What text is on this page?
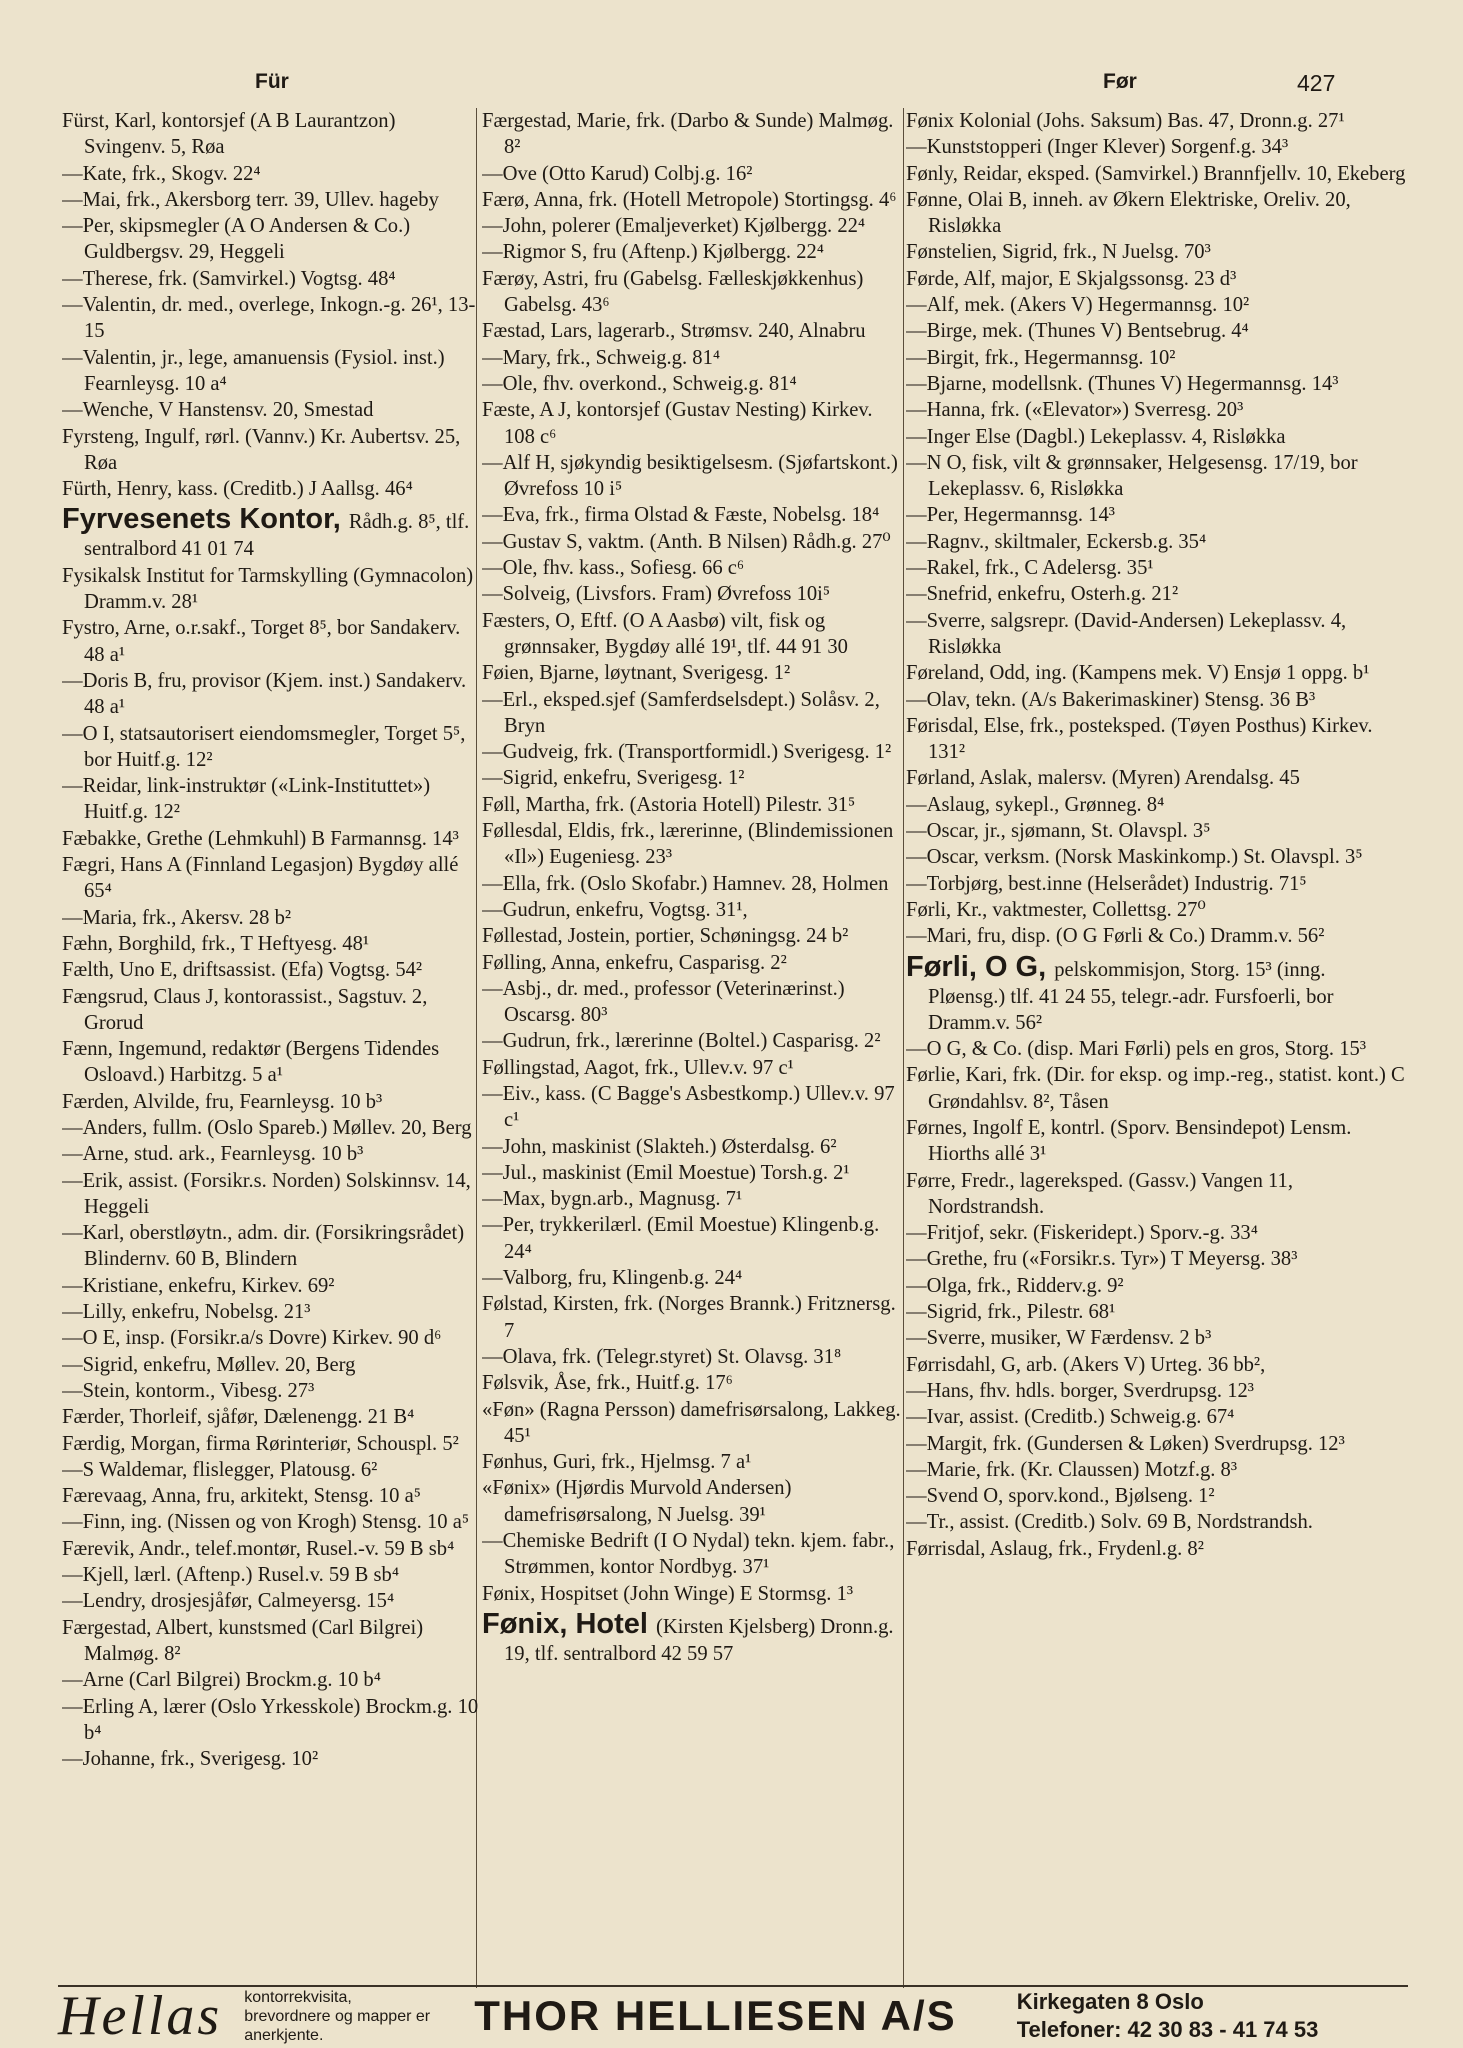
Für	Før	427

Fürst, Karl, kontorsjef (A B Laurantzon) Svingenv. 5, Røa

—Kate, frk., Skogv. 22⁴

—Mai, frk., Akersborg terr. 39, Ullev. hageby

—Per, skipsmegler (A O Andersen & Co.) Guldbergsv. 29, Heggeli

—Therese, frk. (Samvirkel.) Vogtsg. 48⁴

—Valentin, dr. med., overlege, Inkogn.-g. 26¹, 13-15

—Valentin, jr., lege, amanuensis (Fysiol. inst.) Fearnleysg. 10 a⁴

—Wenche, V Hanstensv. 20, Smestad

Fyrsteng, Ingulf, rørl. (Vannv.) Kr. Aubertsv. 25, Røa

Fürth, Henry, kass. (Creditb.) J Aallsg. 46⁴

Fyrvesenets Kontor, Rådh.g. 8⁵, tlf. sentralbord 41 01 74

Fysikalsk Institut for Tarmskylling (Gymnacolon) Dramm.v. 28¹

Fystro, Arne, o.r.sakf., Torget 8⁵, bor Sandakerv. 48 a¹

—Doris B, fru, provisor (Kjem. inst.) Sandakerv. 48 a¹

—O I, statsautorisert eiendomsmegler, Torget 5⁵, bor Huitf.g. 12²

—Reidar, link-instruktør («Link-Instituttet») Huitf.g. 12²

Fæbakke, Grethe (Lehmkuhl) B Farmannsg. 14³

Fægri, Hans A (Finnland Legasjon) Bygdøy allé 65⁴

—Maria, frk., Akersv. 28 b²

Fæhn, Borghild, frk., T Heftyesg. 48¹

Fælth, Uno E, driftsassist. (Efa) Vogtsg. 54²

Fængsrud, Claus J, kontorassist., Sagstuv. 2, Grorud

Fænn, Ingemund, redaktør (Bergens Tidendes Osloavd.) Harbitzg. 5 a¹

Færden, Alvilde, fru, Fearnleysg. 10 b³

—Anders, fullm. (Oslo Spareb.) Møllev. 20, Berg

—Arne, stud. ark., Fearnleysg. 10 b³

—Erik, assist. (Forsikr.s. Norden) Solskinnsv. 14, Heggeli

—Karl, oberstløytn., adm. dir. (Forsikringsrådet) Blindernv. 60 B, Blindern

—Kristiane, enkefru, Kirkev. 69²

—Lilly, enkefru, Nobelsg. 21³

—O E, insp. (Forsikr.a/s Dovre) Kirkev. 90 d⁶

—Sigrid, enkefru, Møllev. 20, Berg

—Stein, kontorm., Vibesg. 27³

Færder, Thorleif, sjåfør, Dælenengg. 21 B⁴

Færdig, Morgan, firma Rørinteriør, Schouspl. 5²

—S Waldemar, flislegger, Platousg. 6²

Færevaag, Anna, fru, arkitekt, Stensg. 10 a⁵

—Finn, ing. (Nissen og von Krogh) Stensg. 10 a⁵

Færevik, Andr., telef.montør, Rusel.-v. 59 B sb⁴

—Kjell, lærl. (Aftenp.) Rusel.v. 59 B sb⁴

—Lendry, drosjesjåfør, Calmeyersg. 15⁴

Færgestad, Albert, kunstsmed (Carl Bilgrei) Malmøg. 8²

—Arne (Carl Bilgrei) Brockm.g. 10 b⁴

—Erling A, lærer (Oslo Yrkesskole) Brockm.g. 10 b⁴

—Johanne, frk., Sverigesg. 10²

Færgestad, Marie, frk. (Darbo & Sunde) Malmøg. 8²

—Ove (Otto Karud) Colbj.g. 16²

Færø, Anna, frk. (Hotell Metropole) Stortingsg. 4⁶

—John, polerer (Emaljeverket) Kjølbergg. 22⁴

—Rigmor S, fru (Aftenp.) Kjølbergg. 22⁴

Færøy, Astri, fru (Gabelsg. Fælleskjøkkenhus) Gabelsg. 43⁶

Fæstad, Lars, lagerarb., Strømsv. 240, Alnabru

—Mary, frk., Schweig.g. 81⁴

—Ole, fhv. overkond., Schweig.g. 81⁴

Fæste, A J, kontorsjef (Gustav Nesting) Kirkev. 108 c⁶

—Alf H, sjøkyndig besiktigelsesm. (Sjøfartskont.) Øvrefoss 10 i⁵

—Eva, frk., firma Olstad & Fæste, Nobelsg. 18⁴

—Gustav S, vaktm. (Anth. B Nilsen) Rådh.g. 27⁰

—Ole, fhv. kass., Sofiesg. 66 c⁶

—Solveig, (Livsfors. Fram) Øvrefoss 10i⁵

Fæsters, O, Eftf. (O A Aasbø) vilt, fisk og grønnsaker, Bygdøy allé 19¹, tlf. 44 91 30

Føien, Bjarne, løytnant, Sverigesg. 1²

—Erl., eksped.sjef (Samferdselsdept.) Solåsv. 2, Bryn

—Gudveig, frk. (Transportformidl.) Sverigesg. 1²

—Sigrid, enkefru, Sverigesg. 1²

Føll, Martha, frk. (Astoria Hotell) Pilestr. 31⁵

Føllesdal, Eldis, frk., lærerinne, (Blindemissionen «Il») Eugeniesg. 23³

—Ella, frk. (Oslo Skofabr.) Hamnev. 28, Holmen

—Gudrun, enkefru, Vogtsg. 31¹,

Føllestad, Jostein, portier, Schøningsg. 24 b²

Følling, Anna, enkefru, Casparisg. 2²

—Asbj., dr. med., professor (Veterinærinst.) Oscarsg. 80³

—Gudrun, frk., lærerinne (Boltel.) Casparisg. 2²

Føllingstad, Aagot, frk., Ullev.v. 97 c¹

—Eiv., kass. (C Bagge's Asbestkomp.) Ullev.v. 97 c¹

—John, maskinist (Slakteh.) Østerdalsg. 6²

—Jul., maskinist (Emil Moestue) Torsh.g. 2¹

—Max, bygn.arb., Magnusg. 7¹

—Per, trykkerilærl. (Emil Moestue) Klingenb.g. 24⁴

—Valborg, fru, Klingenb.g. 24⁴

Følstad, Kirsten, frk. (Norges Brannk.) Fritznersg. 7

—Olava, frk. (Telegr.styret) St. Olavsg. 31⁸

Følsvik, Åse, frk., Huitf.g. 17⁶

«Føn» (Ragna Persson) damefrisørsalong, Lakkeg. 45¹

Fønhus, Guri, frk., Hjelmsg. 7 a¹

«Fønix» (Hjørdis Murvold Andersen) damefrisørsalong, N Juelsg. 39¹

—Chemiske Bedrift (I O Nydal) tekn. kjem. fabr., Strømmen, kontor Nordbyg. 37¹

Fønix, Hospitset (John Winge) E Stormsg. 1³

Fønix, Hotel (Kirsten Kjelsberg) Dronn.g. 19, tlf. sentralbord 42 59 57

Fønix Kolonial (Johs. Saksum) Bas. 47, Dronn.g. 27¹

—Kunststopperi (Inger Klever) Sorgenf.g. 34³

Fønly, Reidar, eksped. (Samvirkel.) Brannfjellv. 10, Ekeberg

Fønne, Olai B, inneh. av Økern Elektriske, Oreliv. 20, Risløkka

Fønstelien, Sigrid, frk., N Juelsg. 70³

Førde, Alf, major, E Skjalgssonsg. 23 d³

—Alf, mek. (Akers V) Hegermannsg. 10²

—Birge, mek. (Thunes V) Bentsebrug. 4⁴

—Birgit, frk., Hegermannsg. 10²

—Bjarne, modellsnk. (Thunes V) Hegermannsg. 14³

—Hanna, frk. («Elevator») Sverresg. 20³

—Inger Else (Dagbl.) Lekeplassv. 4, Risløkka

—N O, fisk, vilt & grønnsaker, Helgesensg. 17/19, bor Lekeplassv. 6, Risløkka

—Per, Hegermannsg. 14³

—Ragnv., skiltmaler, Eckersb.g. 35⁴

—Rakel, frk., C Adelersg. 35¹

—Snefrid, enkefru, Osterh.g. 21²

—Sverre, salgsrepr. (David-Andersen) Lekeplassv. 4, Risløkka

Føreland, Odd, ing. (Kampens mek. V) Ensjø 1 oppg. b¹

—Olav, tekn. (A/s Bakerimaskiner) Stensg. 36 B³

Førisdal, Else, frk., posteksped. (Tøyen Posthus) Kirkev. 131²

Førland, Aslak, malersv. (Myren) Arendalsg. 45

—Aslaug, sykepl., Grønneg. 8⁴

—Oscar, jr., sjømann, St. Olavspl. 3⁵

—Oscar, verksm. (Norsk Maskinkomp.) St. Olavspl. 3⁵

—Torbjørg, best.inne (Helserådet) Industrig. 71⁵

Førli, Kr., vaktmester, Collettsg. 27⁰

—Mari, fru, disp. (O G Førli & Co.) Dramm.v. 56²

Førli, O G, pelskommisjon, Storg. 15³ (inng. Pløensg.) tlf. 41 24 55, telegr.-adr. Fursfoerli, bor Dramm.v. 56²

—O G, & Co. (disp. Mari Førli) pels en gros, Storg. 15³

Førlie, Kari, frk. (Dir. for eksp. og imp.-reg., statist. kont.) C Grøndahlsv. 8², Tåsen

Førnes, Ingolf E, kontrl. (Sporv. Bensindepot) Lensm. Hiorths allé 3¹

Førre, Fredr., lagereksped. (Gassv.) Vangen 11, Nordstrandsh.

—Fritjof, sekr. (Fiskeridept.) Sporv.-g. 33⁴

—Grethe, fru («Forsikr.s. Tyr») T Meyersg. 38³

—Olga, frk., Ridderv.g. 9²

—Sigrid, frk., Pilestr. 68¹

—Sverre, musiker, W Færdensv. 2 b³

Førrisdahl, G, arb. (Akers V) Urteg. 36 bb²,

—Hans, fhv. hdls. borger, Sverdrupsg. 12³

—Ivar, assist. (Creditb.) Schweig.g. 67⁴

—Margit, frk. (Gundersen & Løken) Sverdrupsg. 12³

—Marie, frk. (Kr. Claussen) Motzf.g. 8³

—Svend O, sporv.kond., Bjølseng. 1²

—Tr., assist. (Creditb.) Solv. 69 B, Nordstrandsh.

Førrisdal, Aslaug, frk., Frydenl.g. 8²

Hellas kontorrekvisita, brevordnere og mapper er anerkjente.	THOR HELLIESEN A/S	Kirkegaten 8 Oslo
Telefoner: 42 30 83 - 41 74 53
